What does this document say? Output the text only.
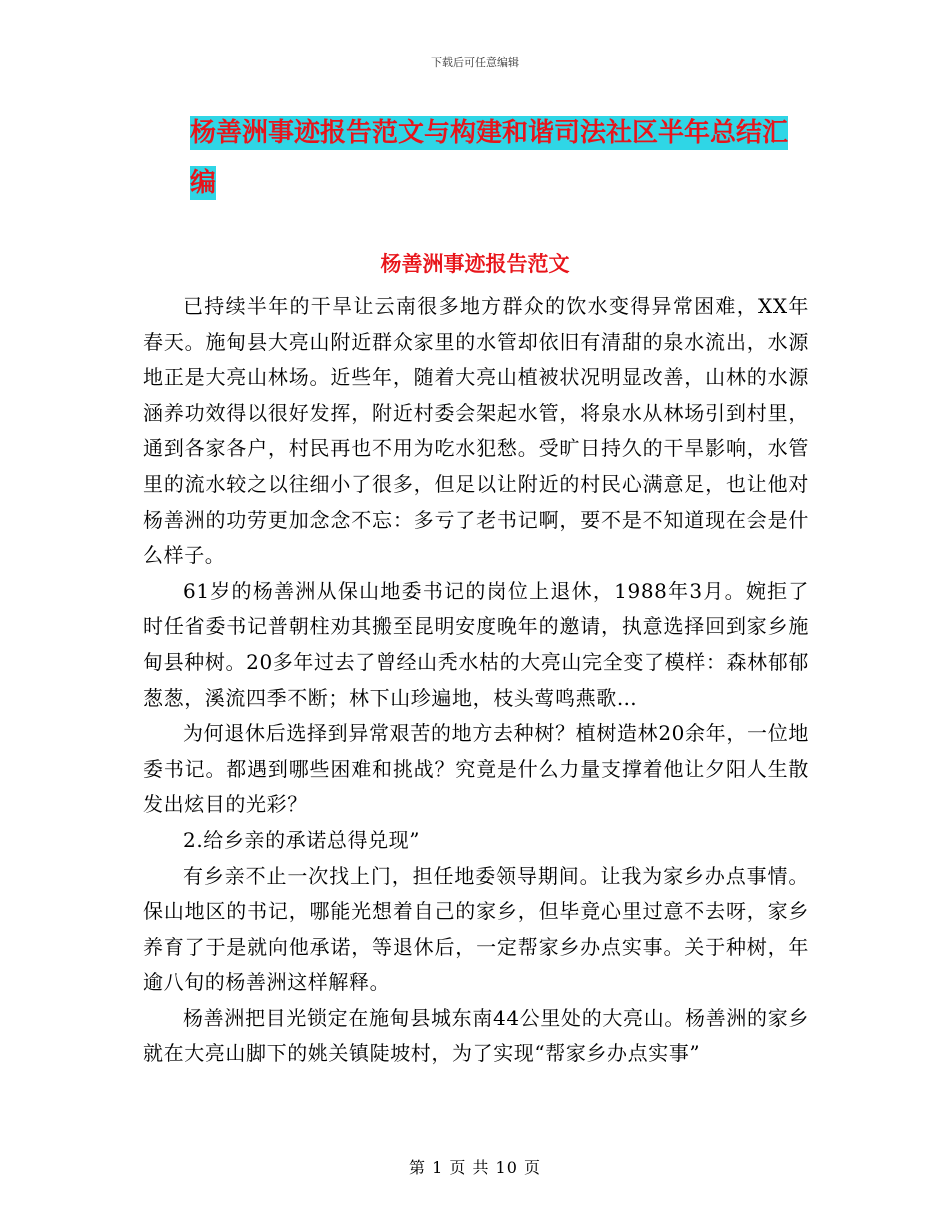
下载后可任意编辑
杨善洲事迹报告范文与构建和谐司法社区半年总结汇编
杨善洲事迹报告范文

已持续半年的干旱让云南很多地方群众的饮水变得异常困难，XX年春天。施甸县大亮山附近群众家里的水管却依旧有清甜的泉水流出，水源地正是大亮山林场。近些年，随着大亮山植被状况明显改善，山林的水源涵养功效得以很好发挥，附近村委会架起水管，将泉水从林场引到村里，通到各家各户，村民再也不用为吃水犯愁。受旷日持久的干旱影响，水管里的流水较之以往细小了很多，但足以让附近的村民心满意足，也让他对杨善洲的功劳更加念念不忘：多亏了老书记啊，要不是不知道现在会是什么样子。

61岁的杨善洲从保山地委书记的岗位上退休，1988年3月。婉拒了时任省委书记普朝柱劝其搬至昆明安度晚年的邀请，执意选择回到家乡施甸县种树。20多年过去了曾经山秃水枯的大亮山完全变了模样：森林郁郁葱葱，溪流四季不断；林下山珍遍地，枝头莺鸣燕歌…

为何退休后选择到异常艰苦的地方去种树？植树造林20余年，一位地委书记。都遇到哪些困难和挑战？究竟是什么力量支撑着他让夕阳人生散发出炫目的光彩？

2.给乡亲的承诺总得兑现”

有乡亲不止一次找上门，担任地委领导期间。让我为家乡办点事情。保山地区的书记，哪能光想着自己的家乡，但毕竟心里过意不去呀，家乡养育了于是就向他承诺，等退休后，一定帮家乡办点实事。关于种树，年逾八旬的杨善洲这样解释。

杨善洲把目光锁定在施甸县城东南44公里处的大亮山。杨善洲的家乡就在大亮山脚下的姚关镇陡坡村，为了实现“帮家乡办点实事”

第 1 页 共 10 页
